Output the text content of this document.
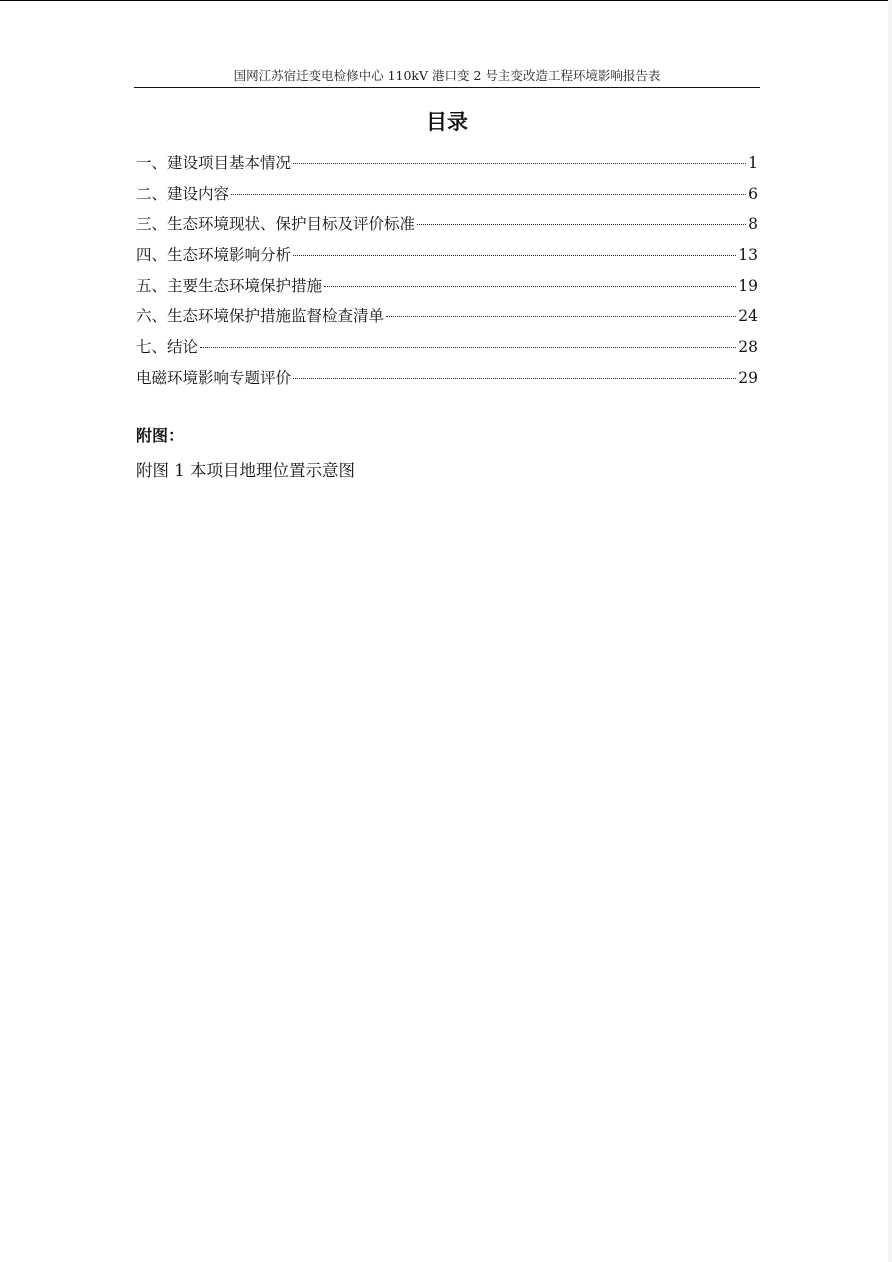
国网江苏宿迁变电检修中心 110kV 港口变 2 号主变改造工程环境影响报告表
目录
一、建设项目基本情况	1
二、建设内容	6
三、生态环境现状、保护目标及评价标准	8
四、生态环境影响分析	13
五、主要生态环境保护措施	19
六、生态环境保护措施监督检查清单	24
七、结论	28
电磁环境影响专题评价	29
附图：
附图 1 本项目地理位置示意图
